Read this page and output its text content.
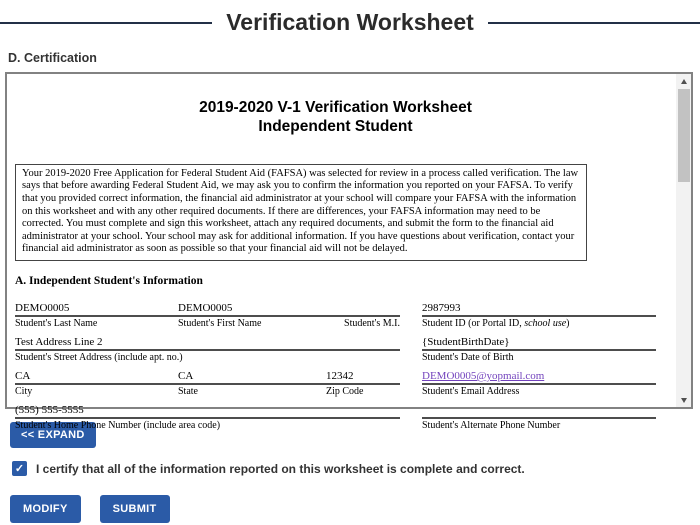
Verification Worksheet
D. Certification
2019-2020 V-1 Verification Worksheet
Independent Student
Your 2019-2020 Free Application for Federal Student Aid (FAFSA) was selected for review in a process called verification. The law says that before awarding Federal Student Aid, we may ask you to confirm the information you reported on your FAFSA. To verify that you provided correct information, the financial aid administrator at your school will compare your FAFSA with the information on this worksheet and with any other required documents. If there are differences, your FAFSA information may need to be corrected. You must complete and sign this worksheet, attach any required documents, and submit the form to the financial aid administrator at your school. Your school may ask for additional information. If you have questions about verification, contact your financial aid administrator as soon as possible so that your financial aid will not be delayed.
A. Independent Student's Information
DEMO0005	DEMO0005
Student's Last Name	Student's First Name	Student's M.I.
Test Address Line 2
Student's Street Address (include apt. no.)
CA	CA	12342
City	State	Zip Code
(555) 555-5555
Student's Home Phone Number (include area code)
2987993
Student ID (or Portal ID, school use)
{StudentBirthDate}
Student's Date of Birth
DEMO0005@yopmail.com
Student's Email Address
Student's Alternate Phone Number
<< EXPAND
✓ I certify that all of the information reported on this worksheet is complete and correct.
MODIFY	SUBMIT
